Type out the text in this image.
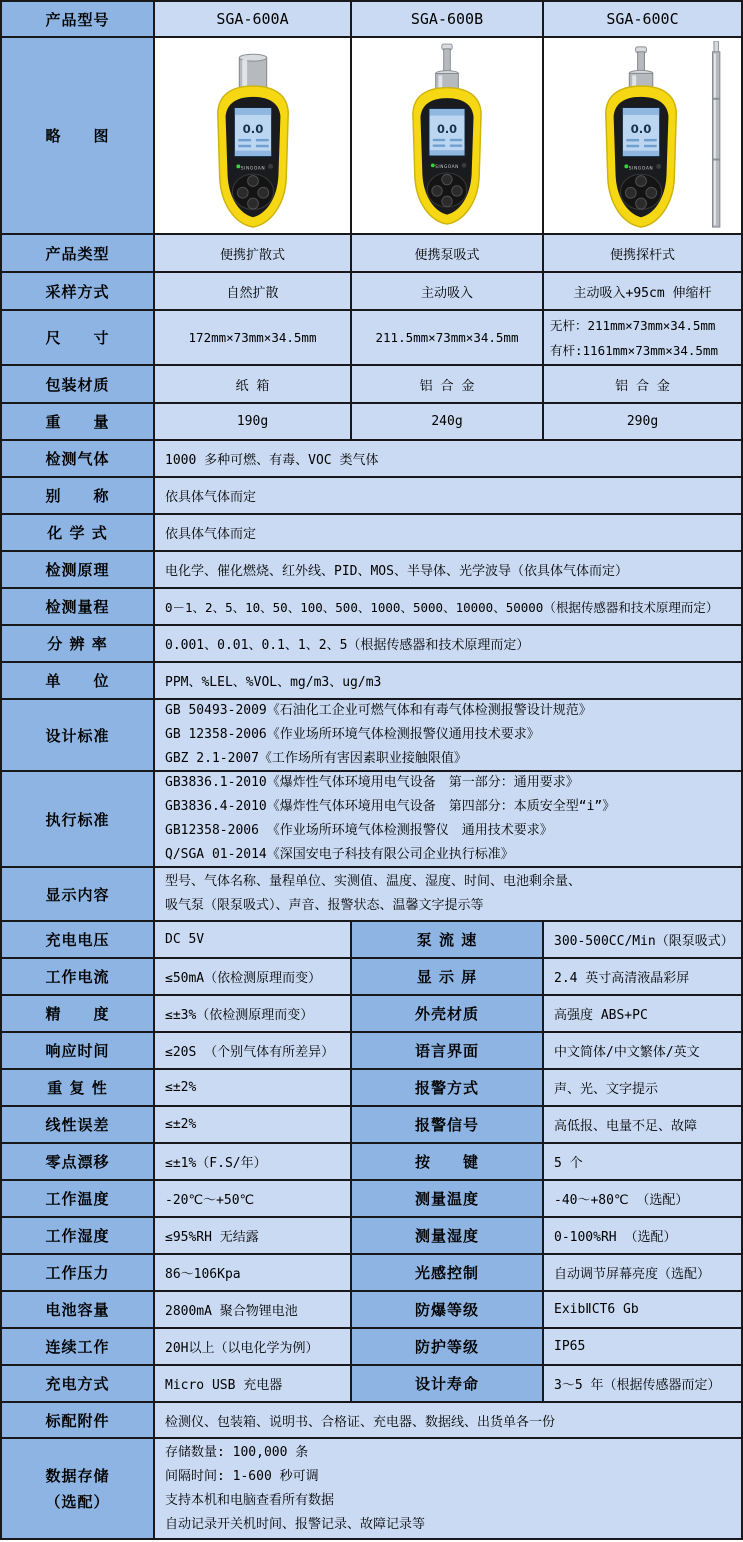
产品型号	SGA-600A	SGA-600B	SGA-600C
略　　图	0.0
SINGOAN
0.0
SINGOAN
0.0
SINGOAN
产品类型	便携扩散式	便携泵吸式	便携探杆式
采样方式	自然扩散	主动吸入	主动吸入+95cm 伸缩杆
尺　　寸	172mm×73mm×34.5mm	211.5mm×73mm×34.5mm
无杆：211mm×73mm×34.5mm
有杆:1161mm×73mm×34.5mm
包装材质	纸 箱	铝 合 金	铝 合 金
重　　量	190g	240g	290g
检测气体	1000 多种可燃、有毒、VOC 类气体
别　　称	依具体气体而定
化 学 式	依具体气体而定
检测原理	电化学、催化燃烧、红外线、PID、MOS、半导体、光学波导（依具体气体而定）
检测量程	0－1、2、5、10、50、100、500、1000、5000、10000、50000（根据传感器和技术原理而定）
分 辨 率	0.001、0.01、0.1、1、2、5（根据传感器和技术原理而定）
单　　位	PPM、%LEL、%VOL、mg/m3、ug/m3
设计标准
GB 50493-2009《石油化工企业可燃气体和有毒气体检测报警设计规范》
GB 12358-2006《作业场所环境气体检测报警仪通用技术要求》
GBZ 2.1-2007《工作场所有害因素职业接触限值》
执行标准
GB3836.1-2010《爆炸性气体环境用电气设备　第一部分：通用要求》
GB3836.4-2010《爆炸性气体环境用电气设备　第四部分：本质安全型“i”》
GB12358-2006 《作业场所环境气体检测报警仪　通用技术要求》
Q/SGA 01-2014《深国安电子科技有限公司企业执行标准》
显示内容
型号、气体名称、量程单位、实测值、温度、湿度、时间、电池剩余量、
吸气泵（限泵吸式）、声音、报警状态、温馨文字提示等
充电电压	DC 5V	泵 流 速	300-500CC/Min（限泵吸式）
工作电流	≤50mA（依检测原理而变）	显 示 屏	2.4 英寸高清液晶彩屏
精　　度	≤±3%（依检测原理而变）	外壳材质	高强度 ABS+PC
响应时间	≤20S （个别气体有所差异）	语言界面	中文简体/中文繁体/英文
重 复 性	≤±2%	报警方式	声、光、文字提示
线性误差	≤±2%	报警信号	高低报、电量不足、故障
零点漂移	≤±1%（F.S/年）	按　　键	5 个
工作温度	-20℃～+50℃	测量温度	-40～+80℃ （选配）
工作湿度	≤95%RH 无结露	测量湿度	0-100%RH （选配）
工作压力	86～106Kpa	光感控制	自动调节屏幕亮度（选配）
电池容量	2800mA 聚合物锂电池	防爆等级	ExibⅡCT6 Gb
连续工作	20H以上（以电化学为例）	防护等级	IP65
充电方式	Micro USB 充电器	设计寿命	3～5 年（根据传感器而定）
标配附件	检测仪、包装箱、说明书、合格证、充电器、数据线、出货单各一份
数据存储
（选配）
存储数量: 100,000 条
间隔时间: 1-600 秒可调
支持本机和电脑查看所有数据
自动记录开关机时间、报警记录、故障记录等
